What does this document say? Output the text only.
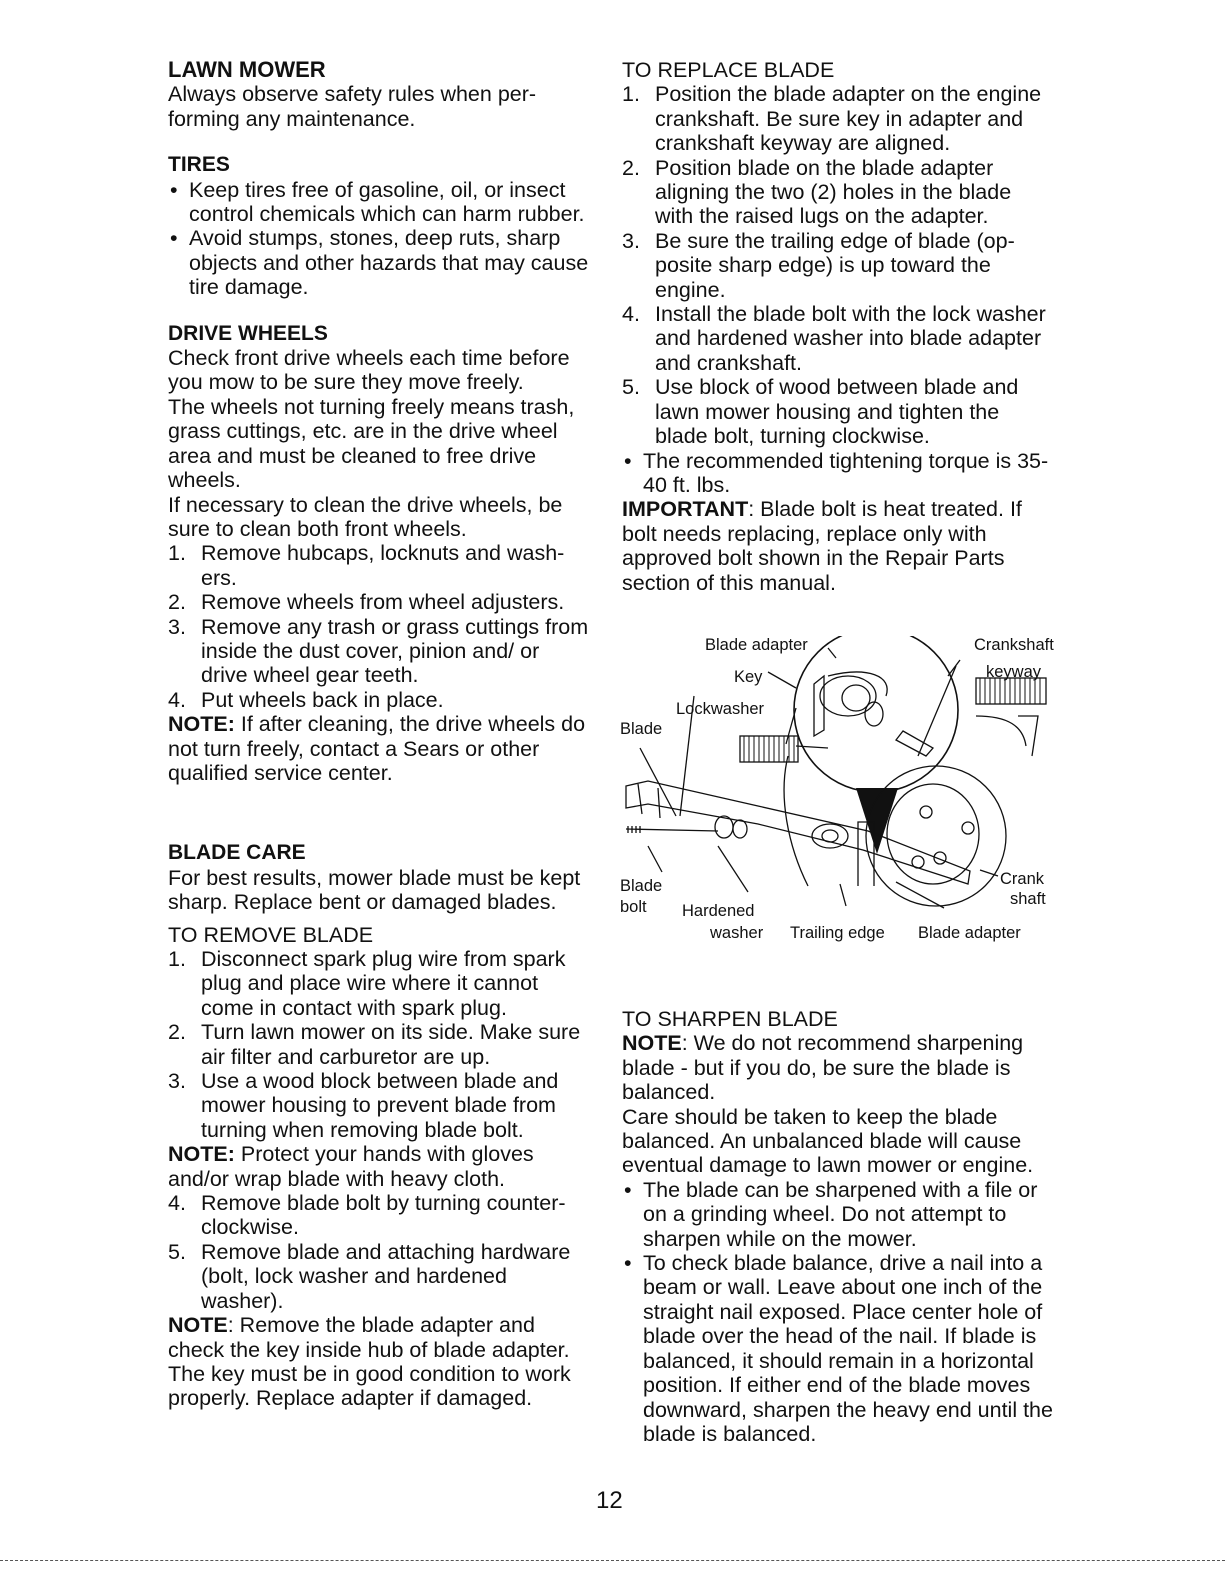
LAWN MOWER

Always observe safety rules when performing any maintenance.

TIRES
• Keep tires free of gasoline, oil, or insect control chemicals which can harm rubber.
• Avoid stumps, stones, deep ruts, sharp objects and other hazards that may cause tire damage.
DRIVE WHEELS

Check front drive wheels each time before you mow to be sure they move freely.

The wheels not turning freely means trash, grass cuttings, etc. are in the drive wheel area and must be cleaned to free drive wheels.

If necessary to clean the drive wheels, be sure to clean both front wheels.

1. Remove hubcaps, locknuts and washers.
2. Remove wheels from wheel adjusters.
3. Remove any trash or grass cuttings from inside the dust cover, pinion and/ or drive wheel gear teeth.
4. Put wheels back in place.

NOTE: If after cleaning, the drive wheels do not turn freely, contact a Sears or other qualified service center.

BLADE CARE

For best results, mower blade must be kept sharp. Replace bent or damaged blades.

TO REMOVE BLADE

1. Disconnect spark plug wire from spark plug and place wire where it cannot come in contact with spark plug.
2. Turn lawn mower on its side. Make sure air filter and carburetor are up.
3. Use a wood block between blade and mower housing to prevent blade from turning when removing blade bolt.

NOTE: Protect your hands with gloves and/or wrap blade with heavy cloth.

4. Remove blade bolt by turning counterclockwise.
5. Remove blade and attaching hardware (bolt, lock washer and hardened washer).

NOTE: Remove the blade adapter and check the key inside hub of blade adapter. The key must be in good condition to work properly. Replace adapter if damaged.

TO REPLACE BLADE

1. Position the blade adapter on the engine crankshaft. Be sure key in adapter and crankshaft keyway are aligned.
2. Position blade on the blade adapter aligning the two (2) holes in the blade with the raised lugs on the adapter.
3. Be sure the trailing edge of blade (opposite sharp edge) is up toward the engine.
4. Install the blade bolt with the lock washer and hardened washer into blade adapter and crankshaft.
5. Use block of wood between blade and lawn mower housing and tighten the blade bolt, turning clockwise.
• The recommended tightening torque is 35-40 ft. lbs.

IMPORTANT: Blade bolt is heat treated. If bolt needs replacing, replace only with approved bolt shown in the Repair Parts section of this manual.

Blade adapter	Crankshaft
keyway
Key
Lockwasher
Blade
Blade
bolt Hardened
washer Trailing edge Blade adapter
Crank
shaft

TO SHARPEN BLADE

NOTE: We do not recommend sharpening blade - but if you do, be sure the blade is balanced.

Care should be taken to keep the blade balanced. An unbalanced blade will cause eventual damage to lawn mower or engine.

• The blade can be sharpened with a file or on a grinding wheel. Do not attempt to sharpen while on the mower.
• To check blade balance, drive a nail into a beam or wall. Leave about one inch of the straight nail exposed. Place center hole of blade over the head of the nail. If blade is balanced, it should remain in a horizontal position. If either end of the blade moves downward, sharpen the heavy end until the blade is balanced.
12
